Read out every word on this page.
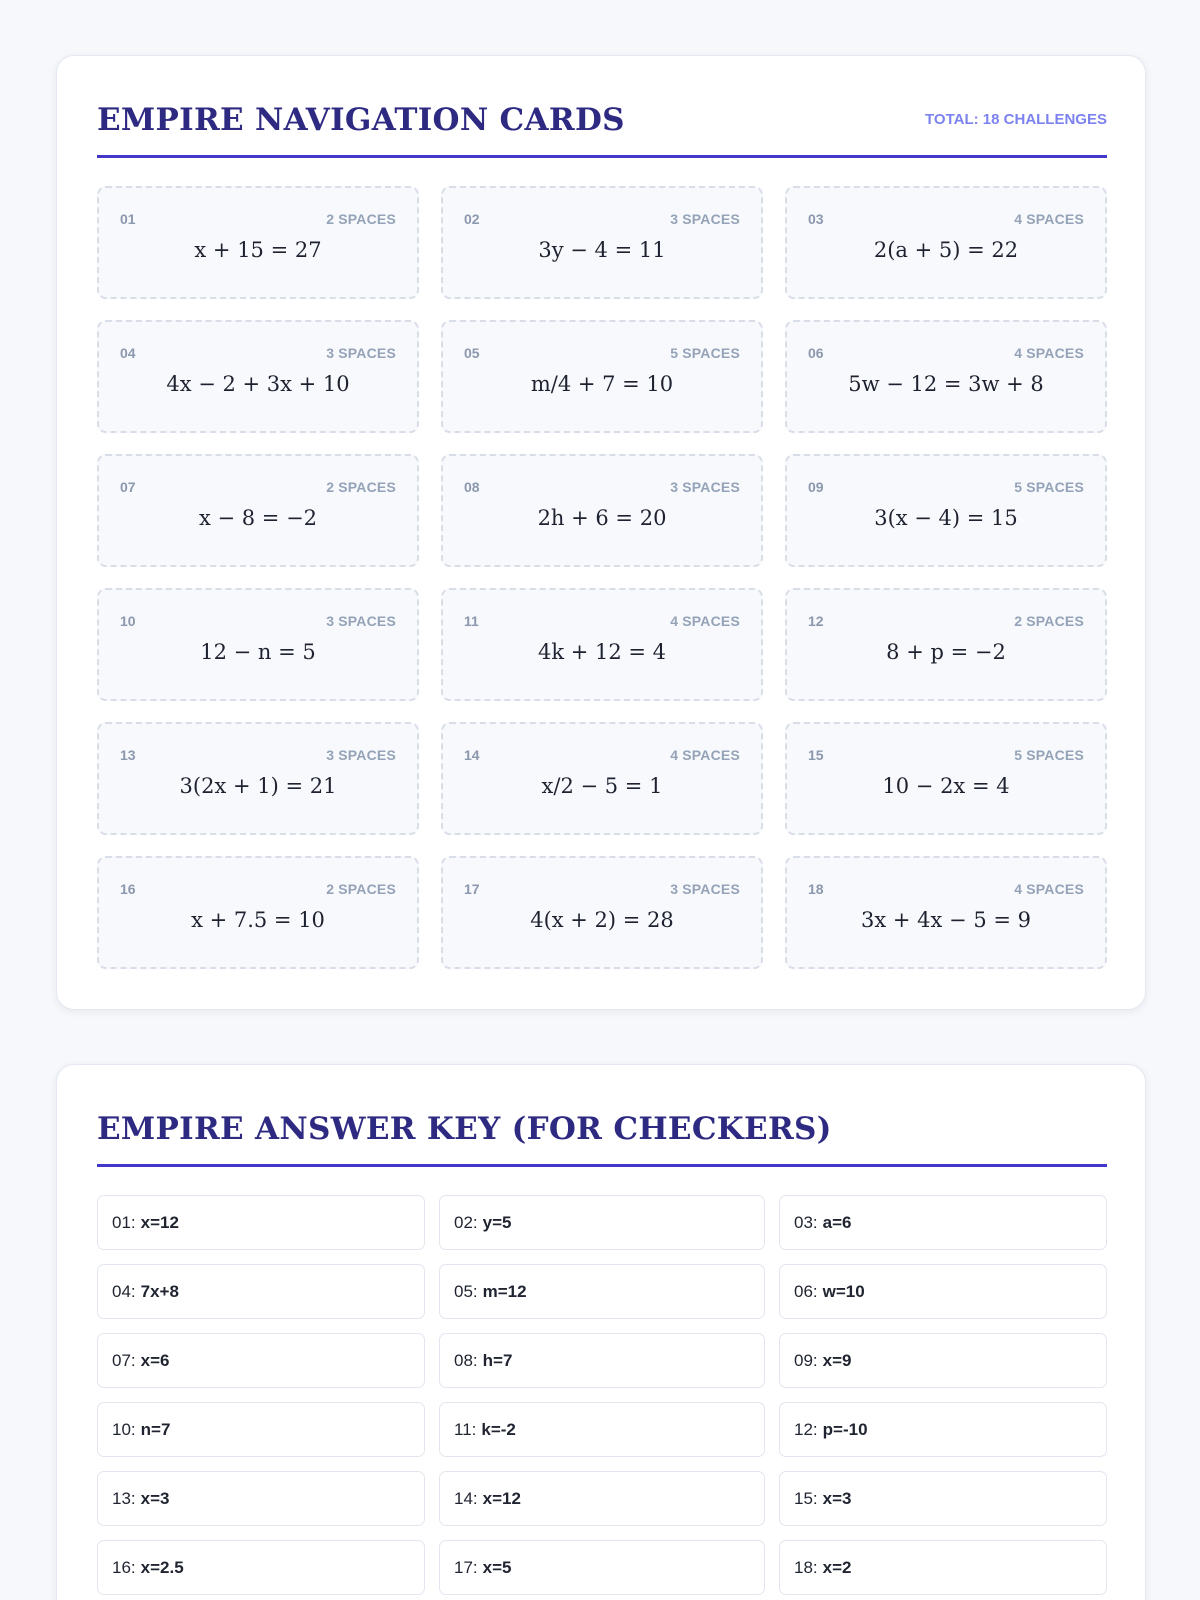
EMPIRE NAVIGATION CARDS	TOTAL: 18 CHALLENGES
01	2 SPACES
x + 15 = 27
02	3 SPACES
3y − 4 = 11
03	4 SPACES
2(a + 5) = 22
04	3 SPACES
4x − 2 + 3x + 10
05	5 SPACES
m/4 + 7 = 10
06	4 SPACES
5w − 12 = 3w + 8
07	2 SPACES
x − 8 = −2
08	3 SPACES
2h + 6 = 20
09	5 SPACES
3(x − 4) = 15
10	3 SPACES
12 − n = 5
11	4 SPACES
4k + 12 = 4
12	2 SPACES
8 + p = −2
13	3 SPACES
3(2x + 1) = 21
14	4 SPACES
x/2 − 5 = 1
15	5 SPACES
10 − 2x = 4
16	2 SPACES
x + 7.5 = 10
17	3 SPACES
4(x + 2) = 28
18	4 SPACES
3x + 4x − 5 = 9
EMPIRE ANSWER KEY (FOR CHECKERS)
01: x=12	02: y=5	03: a=6
04: 7x+8	05: m=12	06: w=10
07: x=6	08: h=7	09: x=9
10: n=7	11: k=-2	12: p=-10
13: x=3	14: x=12	15: x=3
16: x=2.5	17: x=5	18: x=2
